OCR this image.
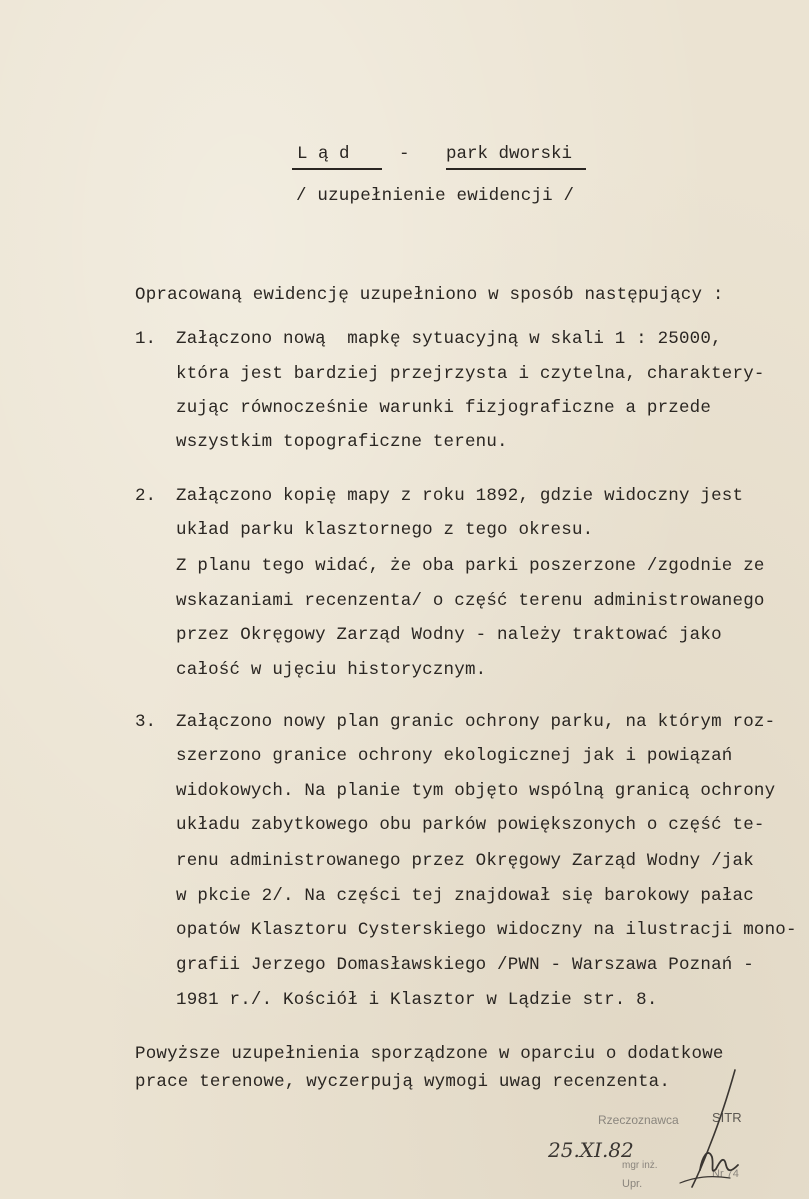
L ą d	- park dworski
/ uzupełnienie ewidencji /
Opracowaną ewidencję uzupełniono w sposób następujący :
1. Załączono nową  mapkę sytuacyjną w skali 1 : 25000,
która jest bardziej przejrzysta i czytelna, charaktery-
zując równocześnie warunki fizjograficzne a przede
wszystkim topograficzne terenu.
2. Załączono kopię mapy z roku 1892, gdzie widoczny jest
układ parku klasztornego z tego okresu.
Z planu tego widać, że oba parki poszerzone /zgodnie ze
wskazaniami recenzenta/ o część terenu administrowanego
przez Okręgowy Zarząd Wodny - należy traktować jako
całość w ujęciu historycznym.
3. Załączono nowy plan granic ochrony parku, na którym roz-
szerzono granice ochrony ekologicznej jak i powiązań
widokowych. Na planie tym objęto wspólną granicą ochrony
układu zabytkowego obu parków powiększonych o część te-
renu administrowanego przez Okręgowy Zarząd Wodny /jak
w pkcie 2/. Na części tej znajdował się barokowy pałac
opatów Klasztoru Cysterskiego widoczny na ilustracji mono-
grafii Jerzego Domasławskiego /PWN - Warszawa Poznań -
1981 r./. Kościół i Klasztor w Lądzie str. 8.
Powyższe uzupełnienia sporządzone w oparciu o dodatkowe
prace terenowe, wyczerpują wymogi uwag recenzenta.
Rzeczoznawca	SITR
25.XI.82
mgr inż.
Upr.
Nr 74
